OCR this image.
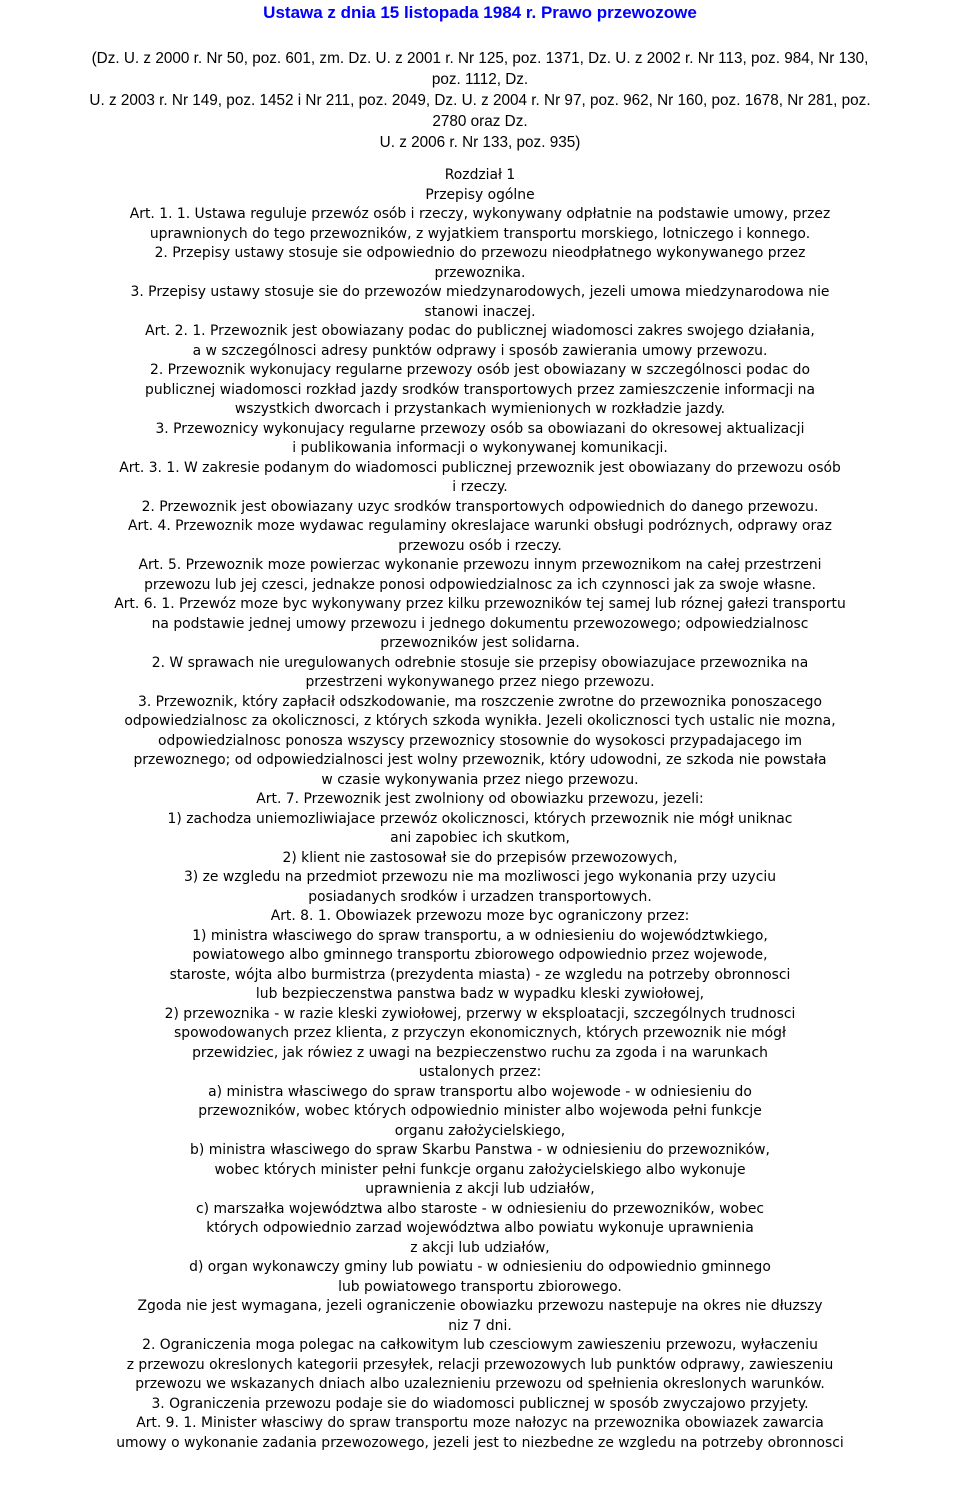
Ustawa z dnia 15 listopada 1984 r. Prawo przewozowe
(Dz. U. z 2000 r. Nr 50, poz. 601, zm. Dz. U. z 2001 r. Nr 125, poz. 1371, Dz. U. z 2002 r. Nr 113, poz. 984, Nr 130,
poz. 1112, Dz.
U. z 2003 r. Nr 149, poz. 1452 i Nr 211, poz. 2049, Dz. U. z 2004 r. Nr 97, poz. 962, Nr 160, poz. 1678, Nr 281, poz.
2780 oraz Dz.
U. z 2006 r. Nr 133, poz. 935)
Rozdział 1
Przepisy ogólne
Art. 1. 1. Ustawa reguluje przewóz osób i rzeczy, wykonywany odpłatnie na podstawie umowy, przez
uprawnionych do tego przewozników, z wyjatkiem transportu morskiego, lotniczego i konnego.
2. Przepisy ustawy stosuje sie odpowiednio do przewozu nieodpłatnego wykonywanego przez
przewoznika.
3. Przepisy ustawy stosuje sie do przewozów miedzynarodowych, jezeli umowa miedzynarodowa nie
stanowi inaczej.
Art. 2. 1. Przewoznik jest obowiazany podac do publicznej wiadomosci zakres swojego działania,
a w szczególnosci adresy punktów odprawy i sposób zawierania umowy przewozu.
2. Przewoznik wykonujacy regularne przewozy osób jest obowiazany w szczególnosci podac do
publicznej wiadomosci rozkład jazdy srodków transportowych przez zamieszczenie informacji na
wszystkich dworcach i przystankach wymienionych w rozkładzie jazdy.
3. Przewoznicy wykonujacy regularne przewozy osób sa obowiazani do okresowej aktualizacji
i publikowania informacji o wykonywanej komunikacji.
Art. 3. 1. W zakresie podanym do wiadomosci publicznej przewoznik jest obowiazany do przewozu osób
i rzeczy.
2. Przewoznik jest obowiazany uzyc srodków transportowych odpowiednich do danego przewozu.
Art. 4. Przewoznik moze wydawac regulaminy okreslajace warunki obsługi podróznych, odprawy oraz
przewozu osób i rzeczy.
Art. 5. Przewoznik moze powierzac wykonanie przewozu innym przewoznikom na całej przestrzeni
przewozu lub jej czesci, jednakze ponosi odpowiedzialnosc za ich czynnosci jak za swoje własne.
Art. 6. 1. Przewóz moze byc wykonywany przez kilku przewozników tej samej lub róznej gałezi transportu
na podstawie jednej umowy przewozu i jednego dokumentu przewozowego; odpowiedzialnosc
przewozników jest solidarna.
2. W sprawach nie uregulowanych odrebnie stosuje sie przepisy obowiazujace przewoznika na
przestrzeni wykonywanego przez niego przewozu.
3. Przewoznik, który zapłacił odszkodowanie, ma roszczenie zwrotne do przewoznika ponoszacego
odpowiedzialnosc za okolicznosci, z których szkoda wynikła. Jezeli okolicznosci tych ustalic nie mozna,
odpowiedzialnosc ponosza wszyscy przewoznicy stosownie do wysokosci przypadajacego im
przewoznego; od odpowiedzialnosci jest wolny przewoznik, który udowodni, ze szkoda nie powstała
w czasie wykonywania przez niego przewozu.
Art. 7. Przewoznik jest zwolniony od obowiazku przewozu, jezeli:
1) zachodza uniemozliwiajace przewóz okolicznosci, których przewoznik nie mógł uniknac
ani zapobiec ich skutkom,
2) klient nie zastosował sie do przepisów przewozowych,
3) ze wzgledu na przedmiot przewozu nie ma mozliwosci jego wykonania przy uzyciu
posiadanych srodków i urzadzen transportowych.
Art. 8. 1. Obowiazek przewozu moze byc ograniczony przez:
1) ministra własciwego do spraw transportu, a w odniesieniu do województw​kiego,
powiatowego albo gminnego transportu zbiorowego odpowiednio przez wojewode,
staroste, wójta albo burmistrza (prezydenta miasta) - ze wzgledu na potrzeby obronnosci
lub bezpieczenstwa panstwa badz w wypadku kleski zywiołowej,
2) przewoznika - w razie kleski zywiołowej, przerwy w eksploatacji, szczególnych trudnosci
spowodowanych przez klienta, z przyczyn ekonomicznych, których przewoznik nie mógł
przewidziec, jak rówiez z uwagi na bezpieczenstwo ruchu za zgoda i na warunkach
ustalonych przez:
a) ministra własciwego do spraw transportu albo wojewode - w odniesieniu do
przewozników, wobec których odpowiednio minister albo wojewoda pełni funkcje
organu założycielskiego,
b) ministra własciwego do spraw Skarbu Panstwa - w odniesieniu do przewozników,
wobec których minister pełni funkcje organu założycielskiego albo wykonuje
uprawnienia z akcji lub udziałów,
c) marszałka województwa albo staroste - w odniesieniu do przewozników, wobec
których odpowiednio zarzad województwa albo powiatu wykonuje uprawnienia
z akcji lub udziałów,
d) organ wykonawczy gminy lub powiatu - w odniesieniu do odpowiednio gminnego
lub powiatowego transportu zbiorowego.
Zgoda nie jest wymagana, jezeli ograniczenie obowiazku przewozu nastepuje na okres nie dłuzszy
niz 7 dni.
2. Ograniczenia moga polegac na całkowitym lub czesciowym zawieszeniu przewozu, wyłaczeniu
z przewozu okreslonych kategorii przesyłek, relacji przewozowych lub punktów odprawy, zawieszeniu
przewozu we wskazanych dniach albo uzaleznieniu przewozu od spełnienia okreslonych warunków.
3. Ograniczenia przewozu podaje sie do wiadomosci publicznej w sposób zwyczajowo przyjety.
Art. 9. 1. Minister własciwy do spraw transportu moze nałozyc na przewoznika obowiazek zawarcia
umowy o wykonanie zadania przewozowego, jezeli jest to niezbedne ze wzgledu na potrzeby obronnosci
